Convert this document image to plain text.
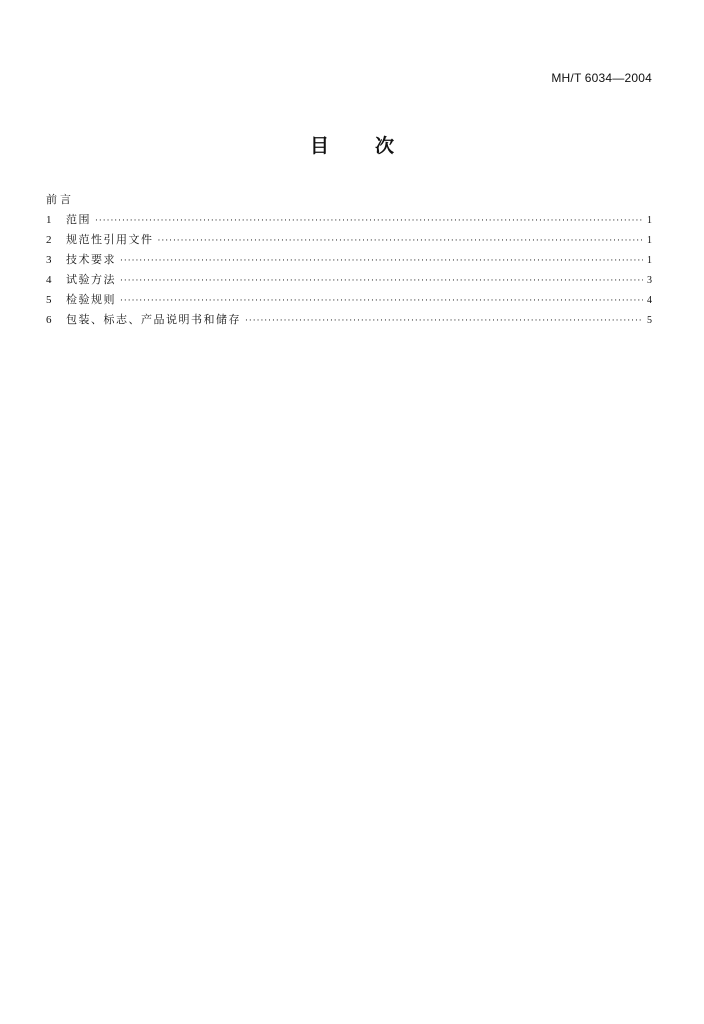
MH/T 6034—2004
目次
前言
1	范围 ·····	1
2	规范性引用文件 ·····	1
3	技术要求 ·····	1
4	试验方法 ·····	3
5	检验规则 ·····	4
6	包装、标志、产品说明书和储存 ·····	5
